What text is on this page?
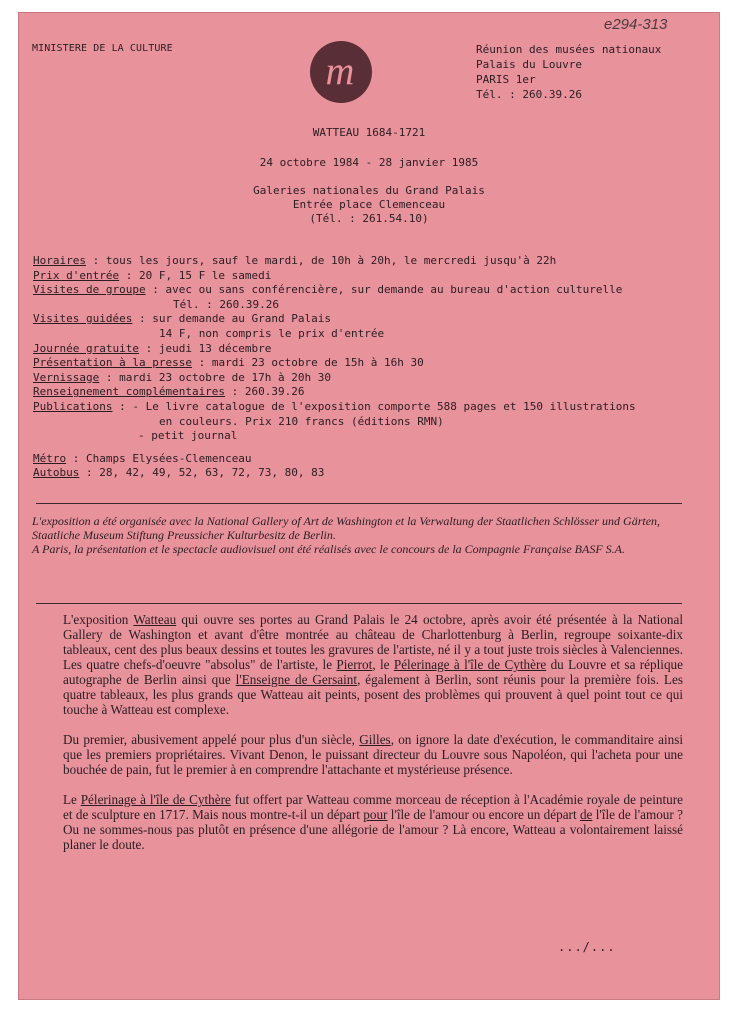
MINISTERE DE LA CULTURE
e294-313
m	Réunion des musées nationaux
Palais du Louvre
PARIS 1er
Tél. : 260.39.26
WATTEAU 1684-1721
24 octobre 1984 - 28 janvier 1985
Galeries nationales du Grand Palais
Entrée place Clemenceau
(Tél. : 261.54.10)
Horaires : tous les jours, sauf le mardi, de 10h à 20h, le mercredi jusqu'à 22h
Prix d'entrée : 20 F, 15 F le samedi
Visites de groupe : avec ou sans conférencière, sur demande au bureau d'action culturelle
Tél. : 260.39.26
Visites guidées : sur demande au Grand Palais
14 F, non compris le prix d'entrée
Journée gratuite : jeudi 13 décembre
Présentation à la presse : mardi 23 octobre de 15h à 16h 30
Vernissage : mardi 23 octobre de 17h à 20h 30
Renseignement complémentaires : 260.39.26
Publications : - Le livre catalogue de l'exposition comporte 588 pages et 150 illustrations
en couleurs. Prix 210 francs (éditions RMN)
- petit journal
Métro : Champs Elysées-Clemenceau
Autobus : 28, 42, 49, 52, 63, 72, 73, 80, 83
L'exposition a été organisée avec la National Gallery of Art de Washington et la Verwaltung der Staatlichen Schlösser und Gärten, Staatliche Museum Stiftung Preussicher Kulturbesitz de Berlin.
A Paris, la présentation et le spectacle audiovisuel ont été réalisés avec le concours de la Compagnie Française BASF S.A.

L'exposition Watteau qui ouvre ses portes au Grand Palais le 24 octobre, après avoir été présentée à la National Gallery de Washington et avant d'être montrée au château de Charlottenburg à Berlin, regroupe soixante-dix tableaux, cent des plus beaux dessins et toutes les gravures de l'artiste, né il y a tout juste trois siècles à Valenciennes. Les quatre chefs-d'oeuvre "absolus" de l'artiste, le Pierrot, le Pélerinage à l'île de Cythère du Louvre et sa réplique autographe de Berlin ainsi que l'Enseigne de Gersaint, également à Berlin, sont réunis pour la première fois. Les quatre tableaux, les plus grands que Watteau ait peints, posent des problèmes qui prouvent à quel point tout ce qui touche à Watteau est complexe.

Du premier, abusivement appelé pour plus d'un siècle, Gilles, on ignore la date d'exécution, le commanditaire ainsi que les premiers propriétaires. Vivant Denon, le puissant directeur du Louvre sous Napoléon, qui l'acheta pour une bouchée de pain, fut le premier à en comprendre l'attachante et mystérieuse présence.

Le Pélerinage à l'île de Cythère fut offert par Watteau comme morceau de réception à l'Académie royale de peinture et de sculpture en 1717. Mais nous montre-t-il un départ pour l'île de l'amour ou encore un départ de l'île de l'amour ? Ou ne sommes-nous pas plutôt en présence d'une allégorie de l'amour ? Là encore, Watteau a volontairement laissé planer le doute.

.../...
